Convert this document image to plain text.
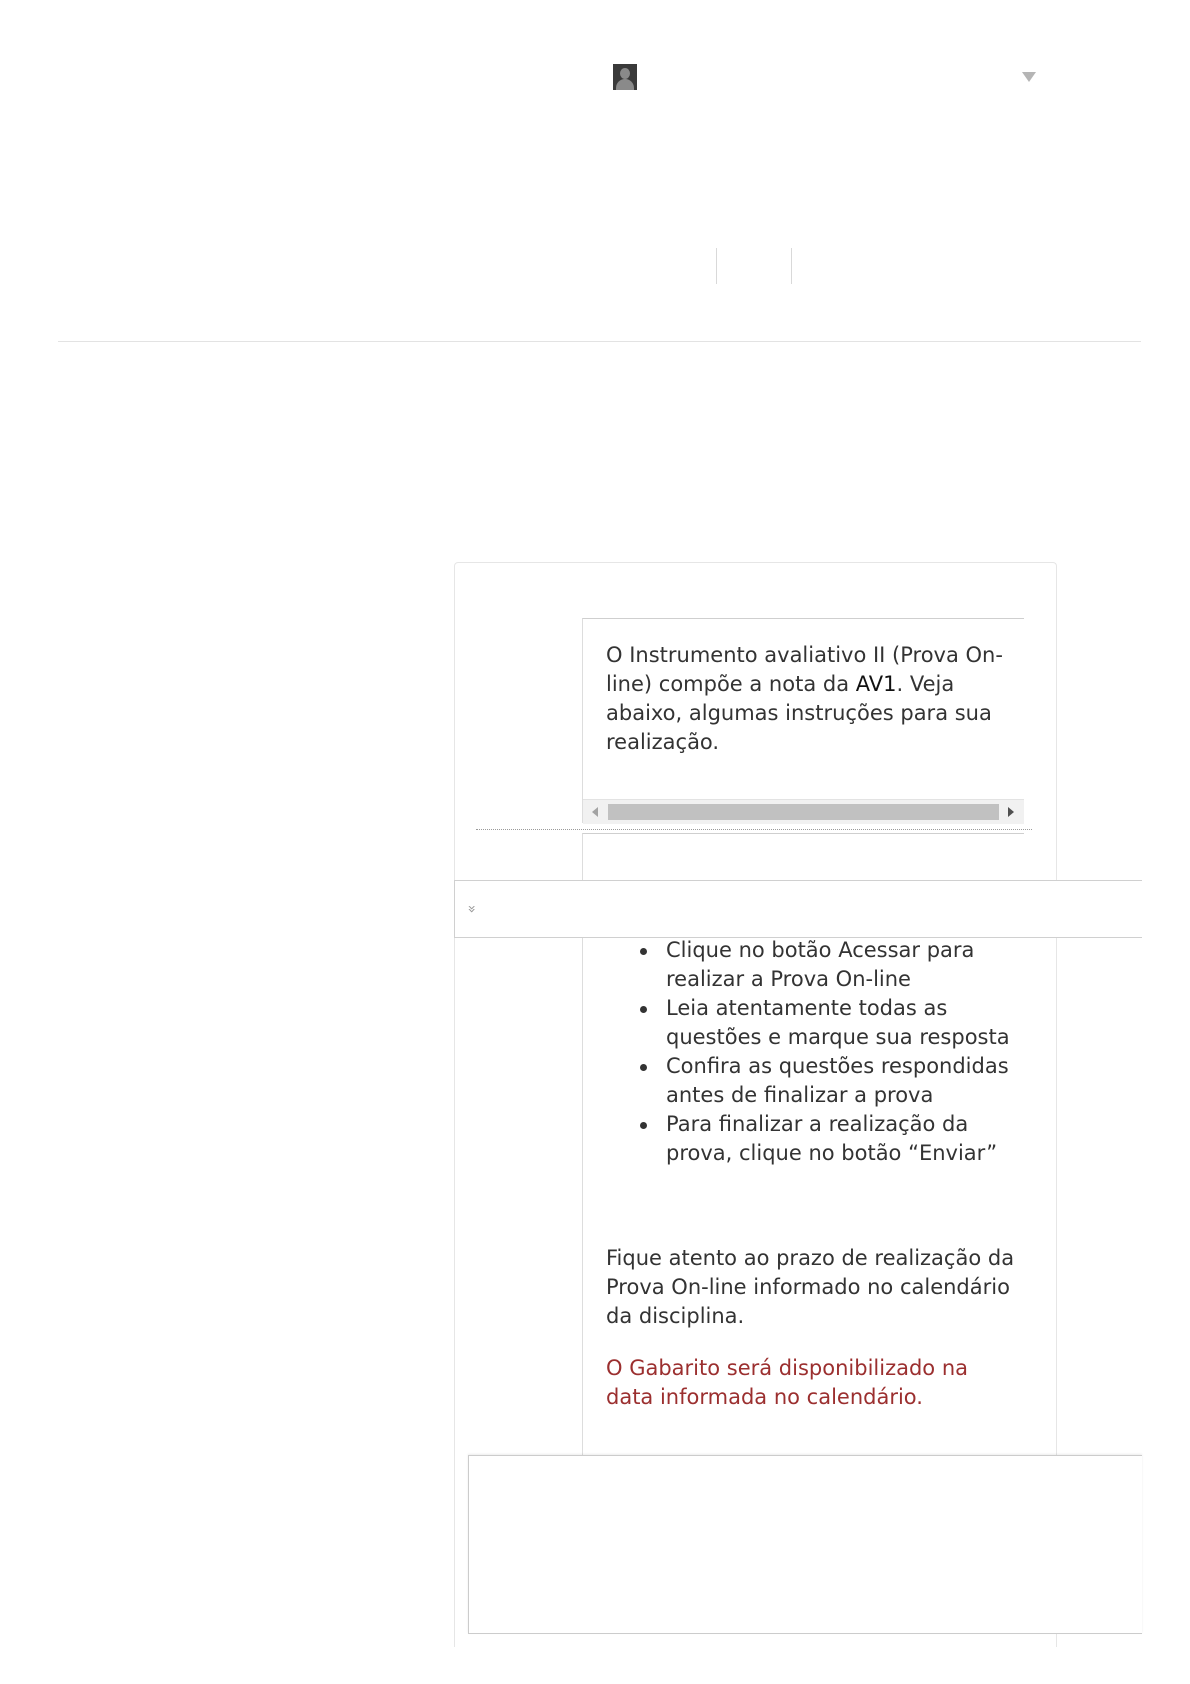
O Instrumento avaliativo II (Prova On-line) compõe a nota da AV1. Veja abaixo, algumas instruções para sua realização.

Clique no botão Acessar para realizar a Prova On-line
Leia atentamente todas as questões e marque sua resposta
Confira as questões respondidas antes de finalizar a prova
Para finalizar a realização da prova, clique no botão “Enviar”

Fique atento ao prazo de realização da Prova On-line informado no calendário da disciplina.

O Gabarito será disponibilizado na data informada no calendário.

»
